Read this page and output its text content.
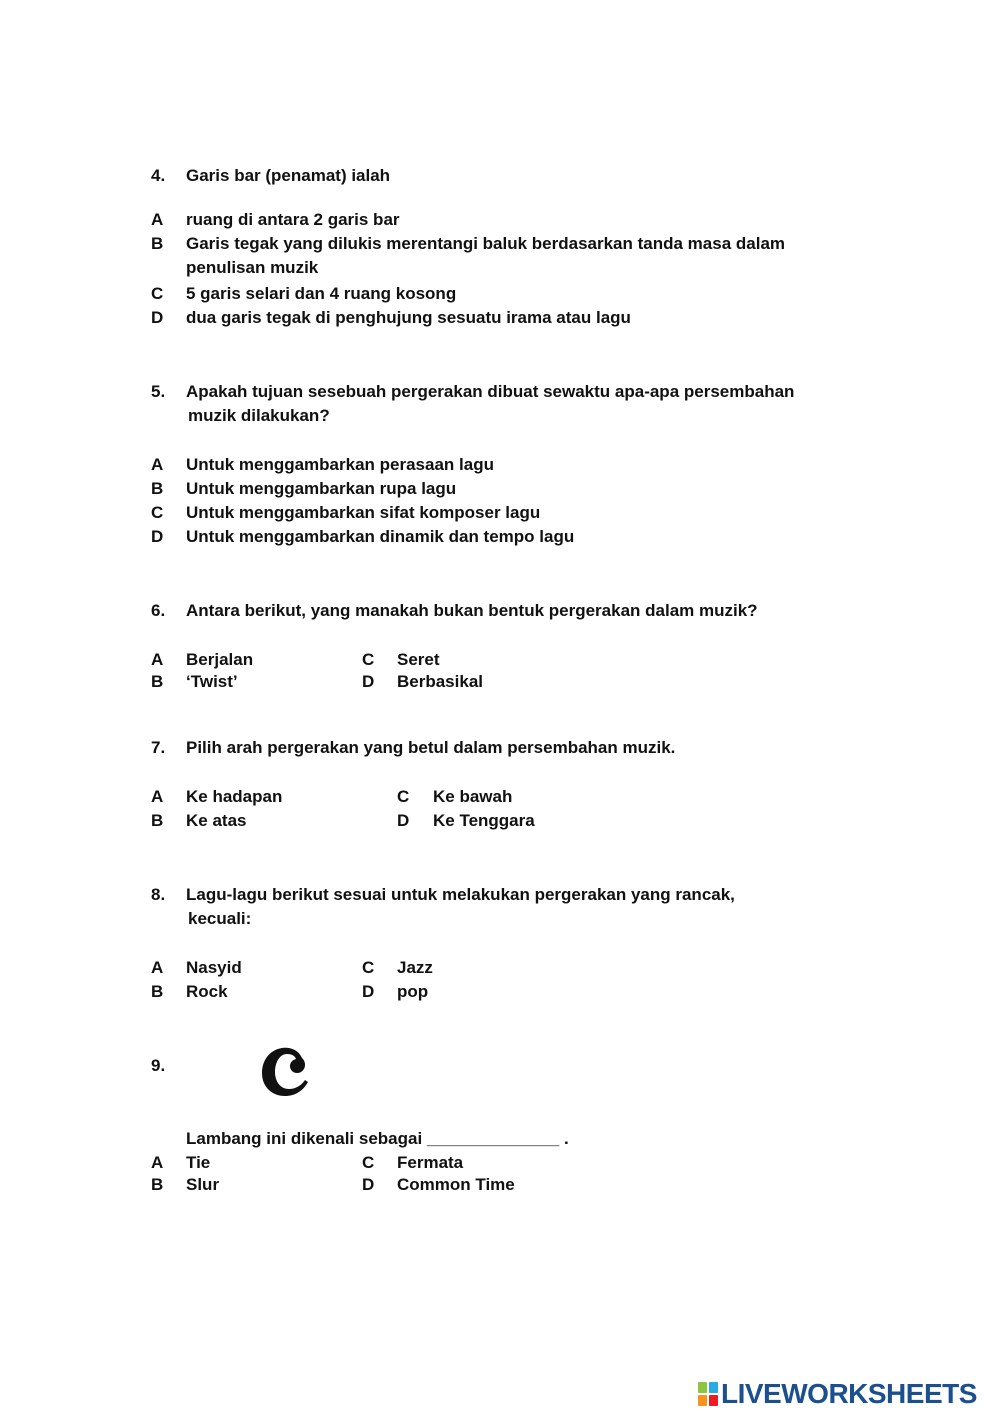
4. Garis bar (penamat) ialah
A ruang di antara 2 garis bar
B Garis tegak yang dilukis merentangi baluk berdasarkan tanda masa dalam
penulisan muzik
C 5 garis selari dan 4 ruang kosong
D dua garis tegak di penghujung sesuatu irama atau lagu
5. Apakah tujuan sesebuah pergerakan dibuat sewaktu apa-apa persembahan
muzik dilakukan?
A Untuk menggambarkan perasaan lagu
B Untuk menggambarkan rupa lagu
C Untuk menggambarkan sifat komposer lagu
D Untuk menggambarkan dinamik dan tempo lagu
6. Antara berikut, yang manakah bukan bentuk pergerakan dalam muzik?
A Berjalan	C Seret
B ‘Twist’	D Berbasikal
7. Pilih arah pergerakan yang betul dalam persembahan muzik.
A Ke hadapan	C Ke bawah
B Ke atas	D Ke Tenggara
8. Lagu-lagu berikut sesuai untuk melakukan pergerakan yang rancak,
kecuali:
A Nasyid	C Jazz
B Rock	D pop
9.
Lambang ini dikenali sebagai ______________ .
A Tie	C Fermata
B Slur	D Common Time
LIVEWORKSHEETS
